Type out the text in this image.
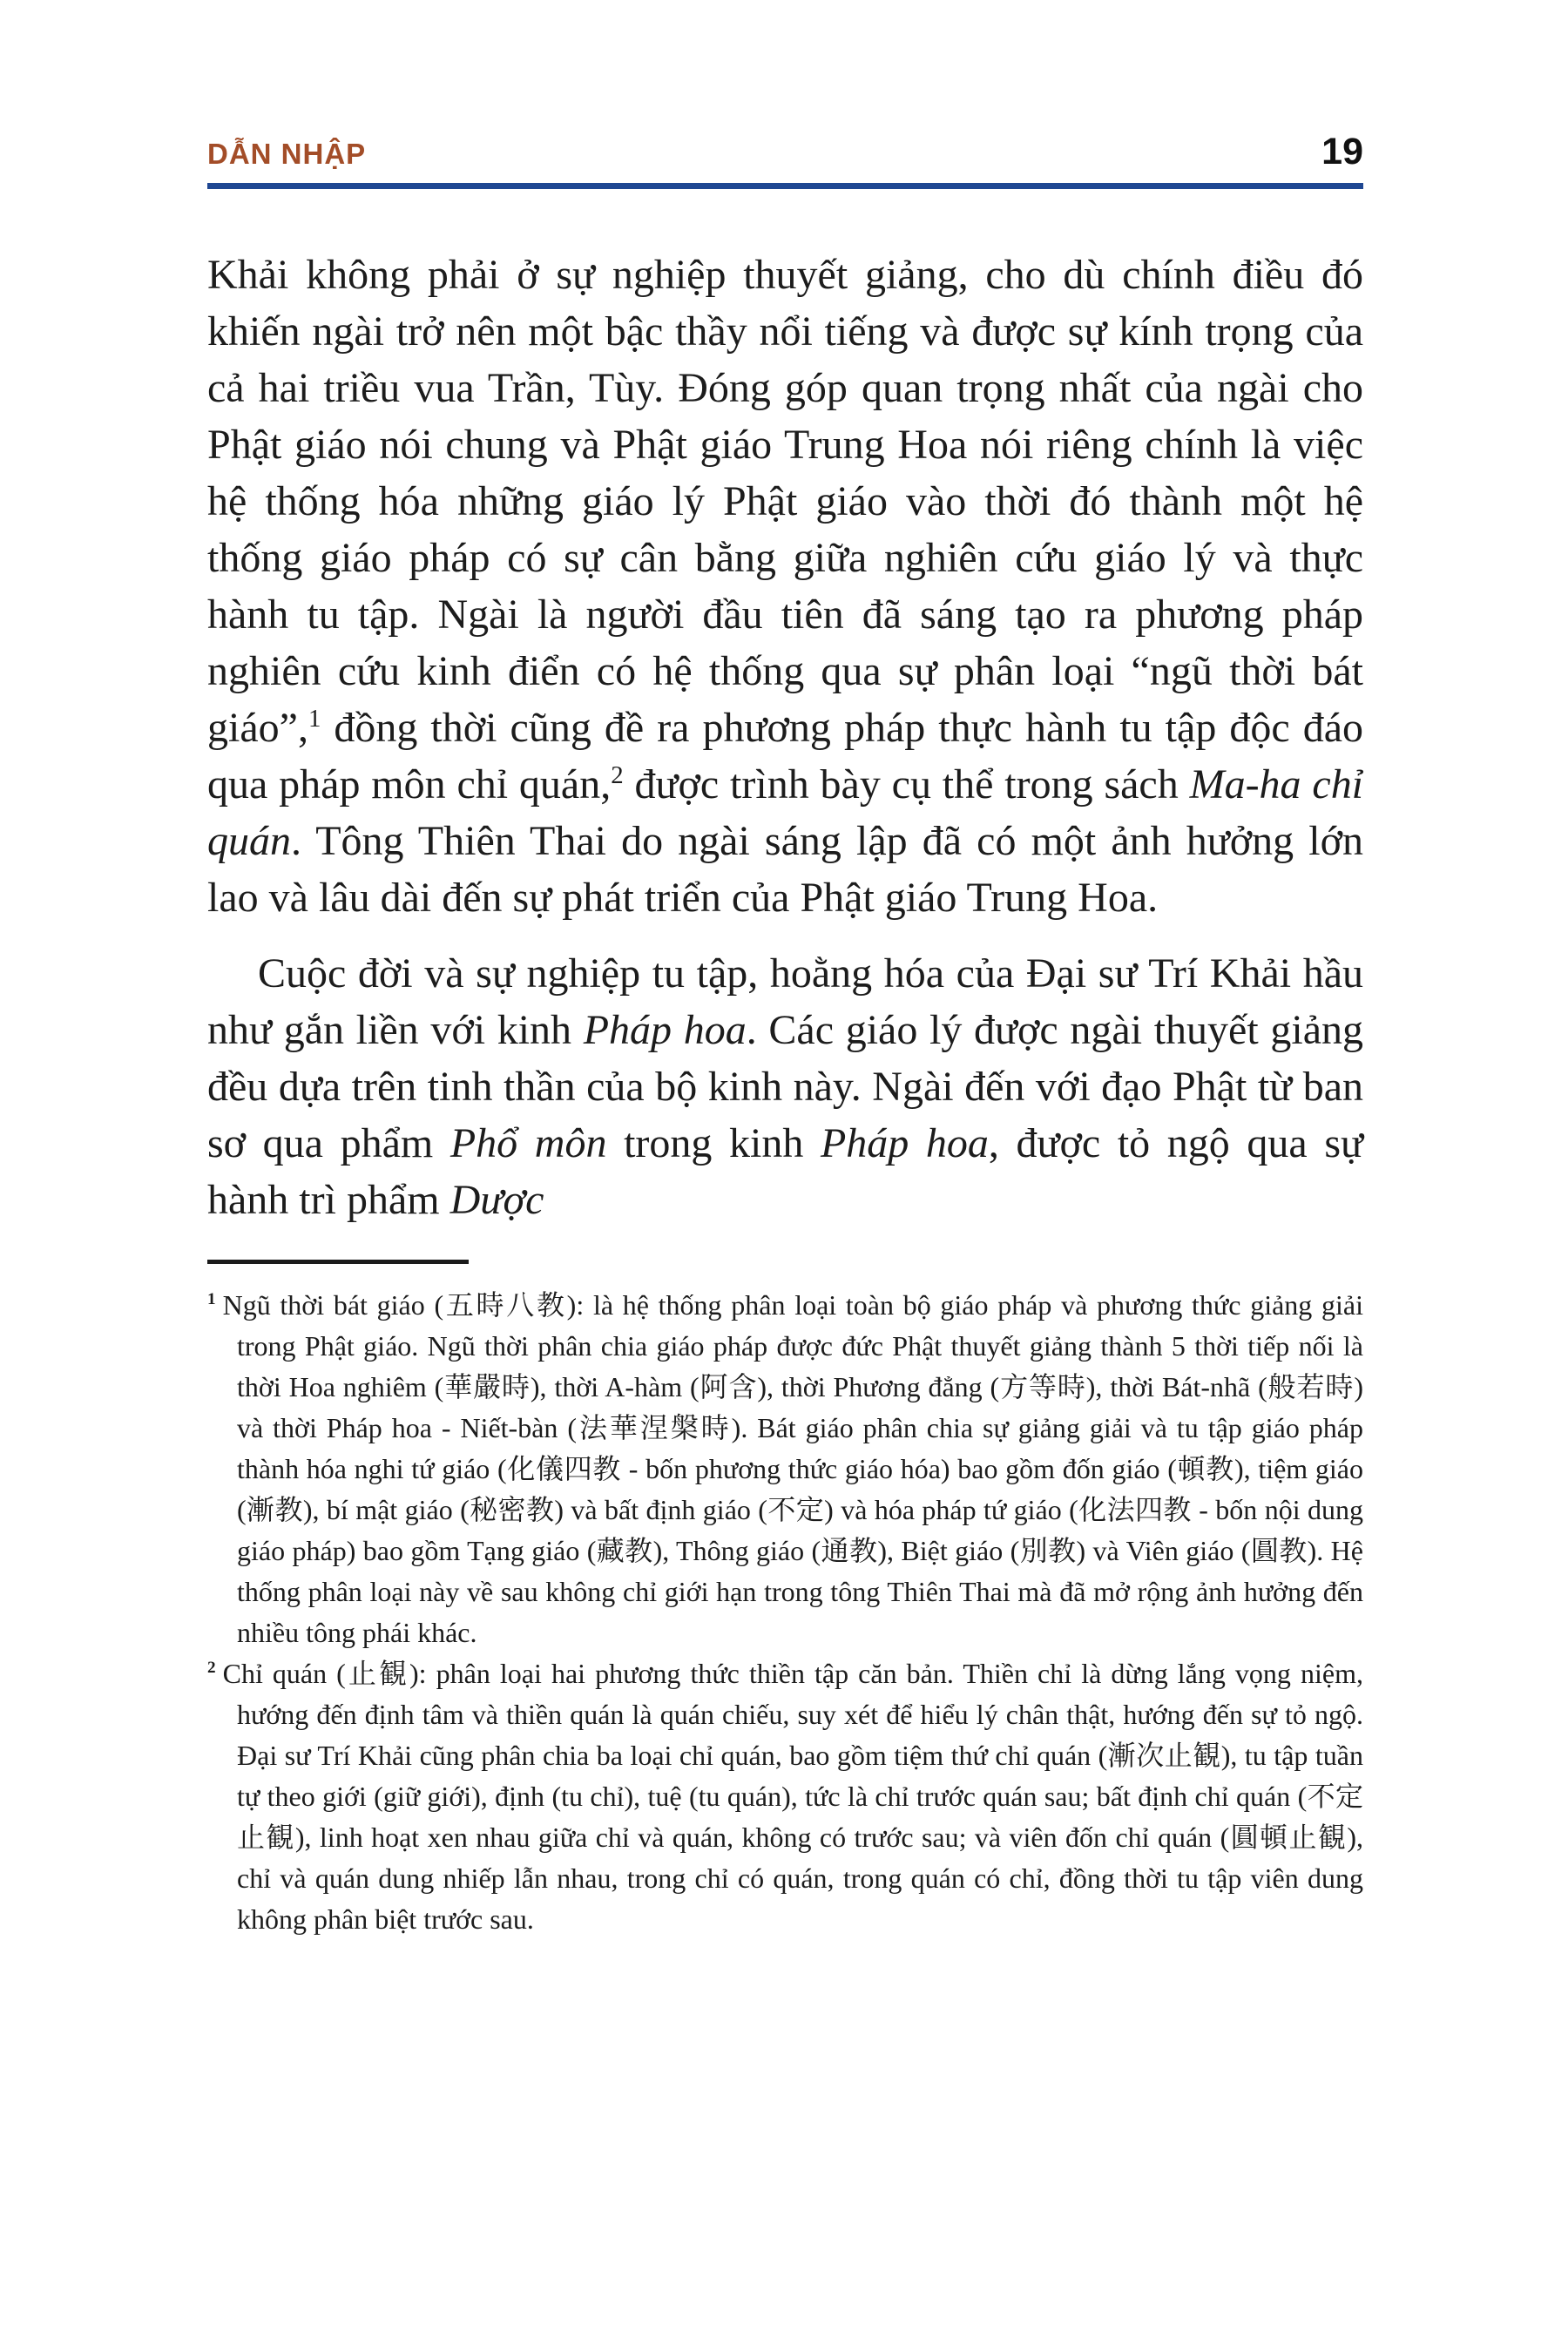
DẪN NHẬP	19

Khải không phải ở sự nghiệp thuyết giảng, cho dù chính điều đó khiến ngài trở nên một bậc thầy nổi tiếng và được sự kính trọng của cả hai triều vua Trần, Tùy. Đóng góp quan trọng nhất của ngài cho Phật giáo nói chung và Phật giáo Trung Hoa nói riêng chính là việc hệ thống hóa những giáo lý Phật giáo vào thời đó thành một hệ thống giáo pháp có sự cân bằng giữa nghiên cứu giáo lý và thực hành tu tập. Ngài là người đầu tiên đã sáng tạo ra phương pháp nghiên cứu kinh điển có hệ thống qua sự phân loại “ngũ thời bát giáo”,$^1$ đồng thời cũng đề ra phương pháp thực hành tu tập độc đáo qua pháp môn chỉ quán,$^2$ được trình bày cụ thể trong sách Ma-ha chỉ quán. Tông Thiên Thai do ngài sáng lập đã có một ảnh hưởng lớn lao và lâu dài đến sự phát triển của Phật giáo Trung Hoa.

Cuộc đời và sự nghiệp tu tập, hoằng hóa của Đại sư Trí Khải hầu như gắn liền với kinh Pháp hoa. Các giáo lý được ngài thuyết giảng đều dựa trên tinh thần của bộ kinh này. Ngài đến với đạo Phật từ ban sơ qua phẩm Phổ môn trong kinh Pháp hoa, được tỏ ngộ qua sự hành trì phẩm Dược

$^1$ Ngũ thời bát giáo (五時八教): là hệ thống phân loại toàn bộ giáo pháp và phương thức giảng giải trong Phật giáo. Ngũ thời phân chia giáo pháp được đức Phật thuyết giảng thành 5 thời tiếp nối là thời Hoa nghiêm (華嚴時), thời A-hàm (阿含), thời Phương đẳng (方等時), thời Bát-nhã (般若時) và thời Pháp hoa - Niết-bàn (法華涅槃時). Bát giáo phân chia sự giảng giải và tu tập giáo pháp thành hóa nghi tứ giáo (化儀四教 - bốn phương thức giáo hóa) bao gồm đốn giáo (頓教), tiệm giáo (漸教), bí mật giáo (秘密教) và bất định giáo (不定) và hóa pháp tứ giáo (化法四教 - bốn nội dung giáo pháp) bao gồm Tạng giáo (藏教), Thông giáo (通教), Biệt giáo (別教) và Viên giáo (圓教). Hệ thống phân loại này về sau không chỉ giới hạn trong tông Thiên Thai mà đã mở rộng ảnh hưởng đến nhiều tông phái khác.

$^2$ Chỉ quán (止観): phân loại hai phương thức thiền tập căn bản. Thiền chỉ là dừng lắng vọng niệm, hướng đến định tâm và thiền quán là quán chiếu, suy xét để hiểu lý chân thật, hướng đến sự tỏ ngộ. Đại sư Trí Khải cũng phân chia ba loại chỉ quán, bao gồm tiệm thứ chỉ quán (漸次止観), tu tập tuần tự theo giới (giữ giới), định (tu chỉ), tuệ (tu quán), tức là chỉ trước quán sau; bất định chỉ quán (不定止観), linh hoạt xen nhau giữa chỉ và quán, không có trước sau; và viên đốn chỉ quán (圓頓止観), chỉ và quán dung nhiếp lẫn nhau, trong chỉ có quán, trong quán có chỉ, đồng thời tu tập viên dung không phân biệt trước sau.
